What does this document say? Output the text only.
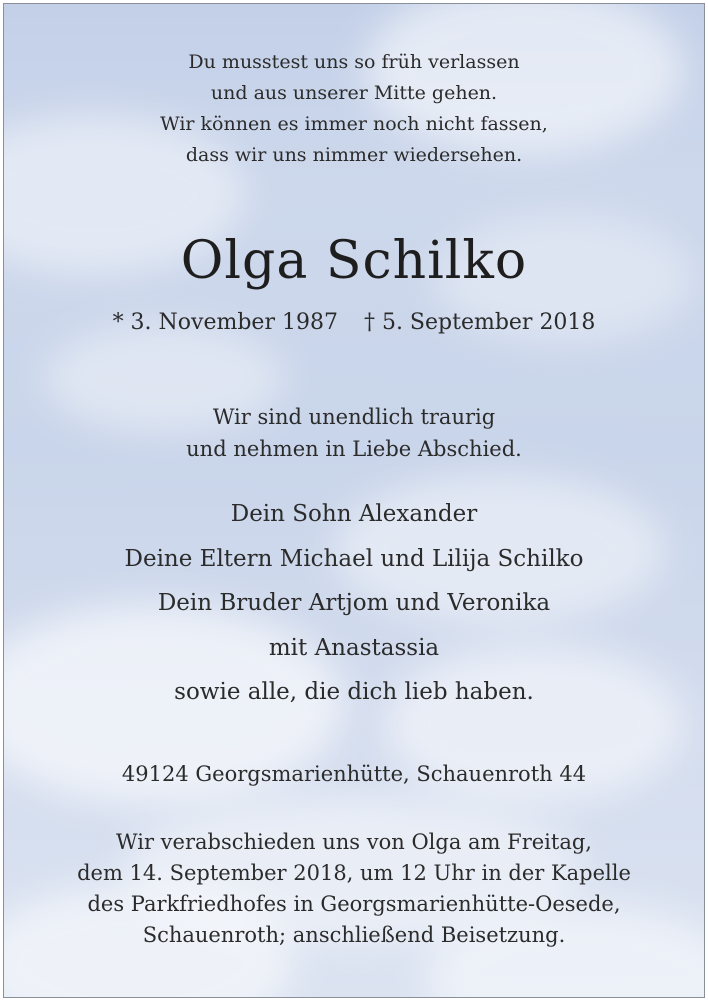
Du musstest uns so früh verlassen
und aus unserer Mitte gehen.
Wir können es immer noch nicht fassen,
dass wir uns nimmer wiedersehen.
Olga Schilko
* 3. November 1987 † 5. September 2018
Wir sind unendlich traurig
und nehmen in Liebe Abschied.
Dein Sohn Alexander
Deine Eltern Michael und Lilija Schilko
Dein Bruder Artjom und Veronika
mit Anastassia
sowie alle, die dich lieb haben.
49124 Georgsmarienhütte, Schauenroth 44
Wir verabschieden uns von Olga am Freitag,
dem 14. September 2018, um 12 Uhr in der Kapelle
des Parkfriedhofes in Georgsmarienhütte-Oesede,
Schauenroth; anschließend Beisetzung.
